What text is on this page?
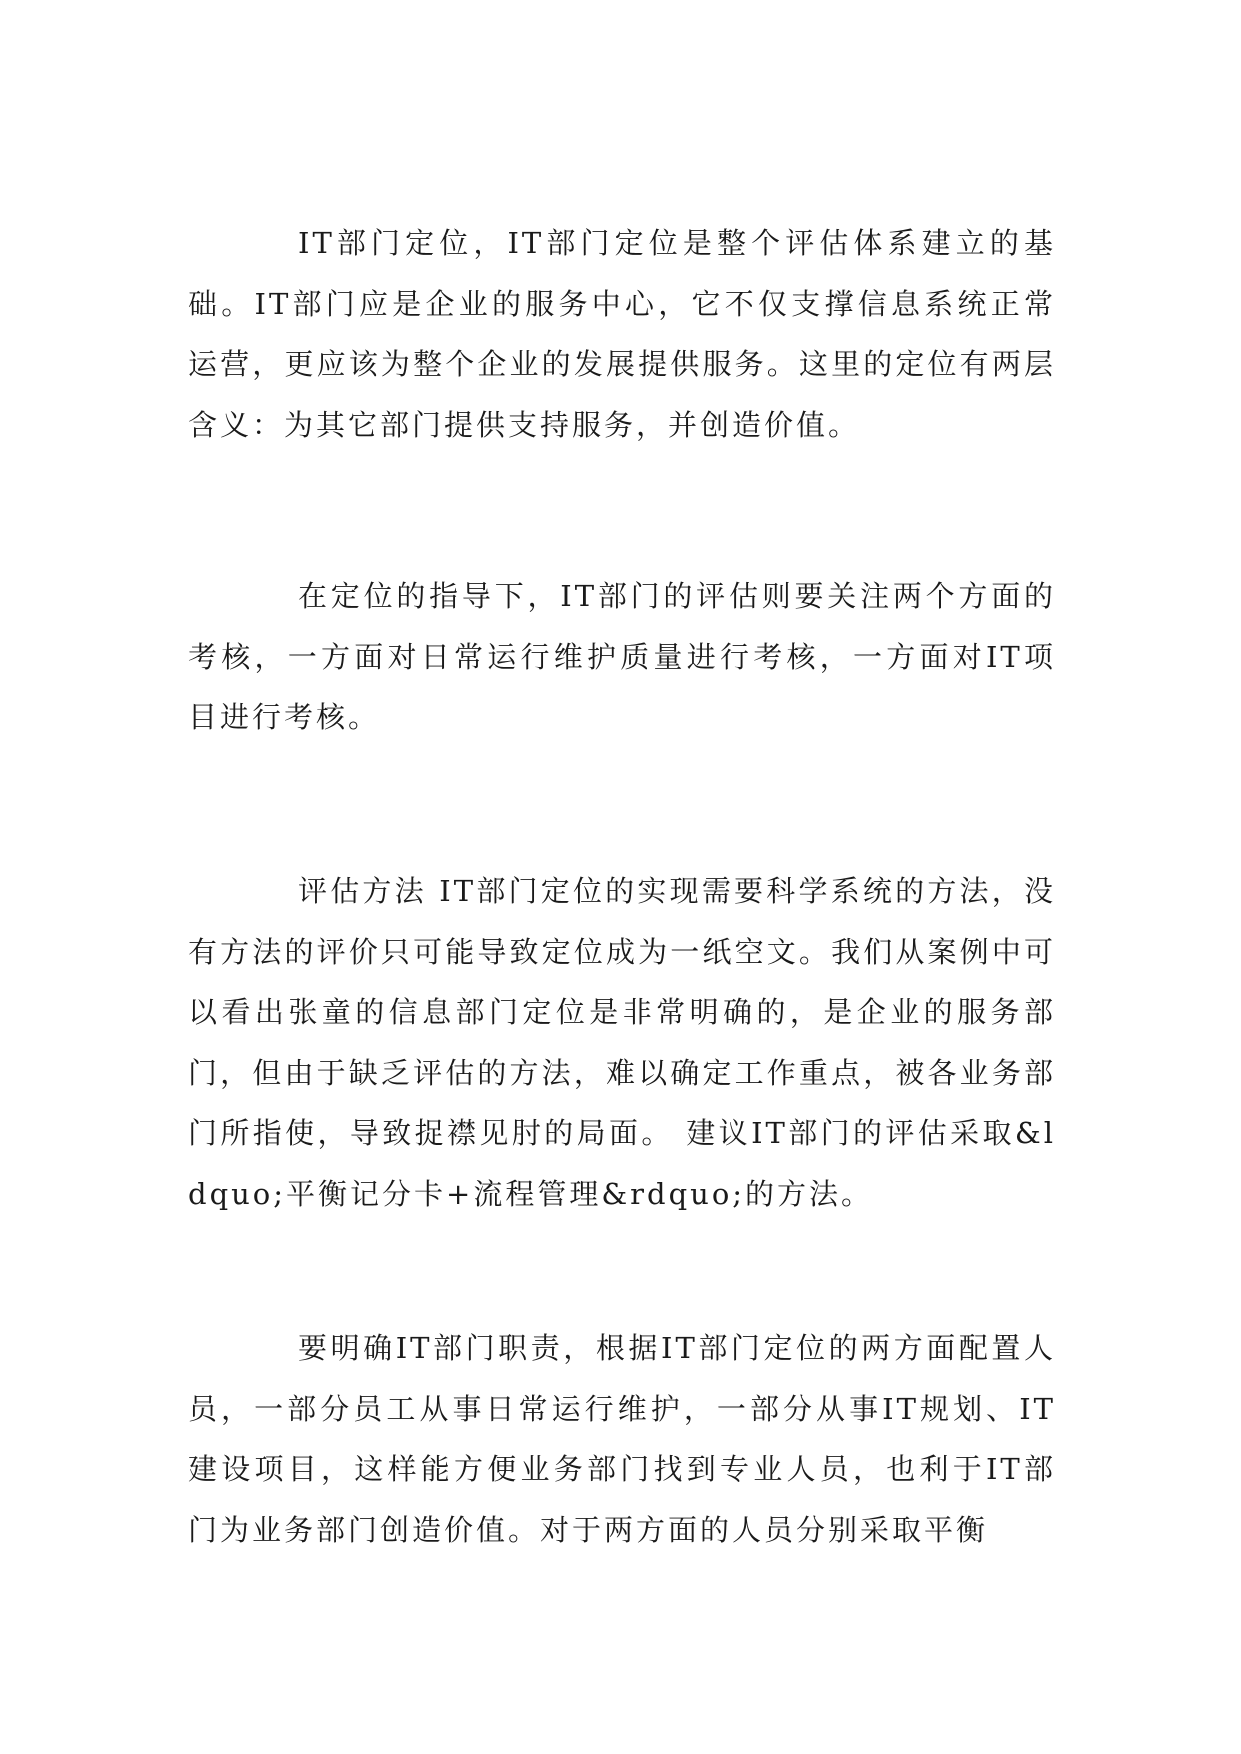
IT部门定位，IT部门定位是整个评估体系建立的基础。IT部门应是企业的服务中心，它不仅支撑信息系统正常运营，更应该为整个企业的发展提供服务。这里的定位有两层含义：为其它部门提供支持服务，并创造价值。

在定位的指导下，IT部门的评估则要关注两个方面的考核，一方面对日常运行维护质量进行考核，一方面对IT项目进行考核。

评估方法 IT部门定位的实现需要科学系统的方法，没有方法的评价只可能导致定位成为一纸空文。我们从案例中可以看出张童的信息部门定位是非常明确的，是企业的服务部门，但由于缺乏评估的方法，难以确定工作重点，被各业务部门所指使，导致捉襟见肘的局面。 建议IT部门的评估采取&ldquo;平衡记分卡+流程管理&rdquo;的方法。

要明确IT部门职责，根据IT部门定位的两方面配置人员，一部分员工从事日常运行维护，一部分从事IT规划、IT建设项目，这样能方便业务部门找到专业人员，也利于IT部门为业务部门创造价值。对于两方面的人员分别采取平衡
